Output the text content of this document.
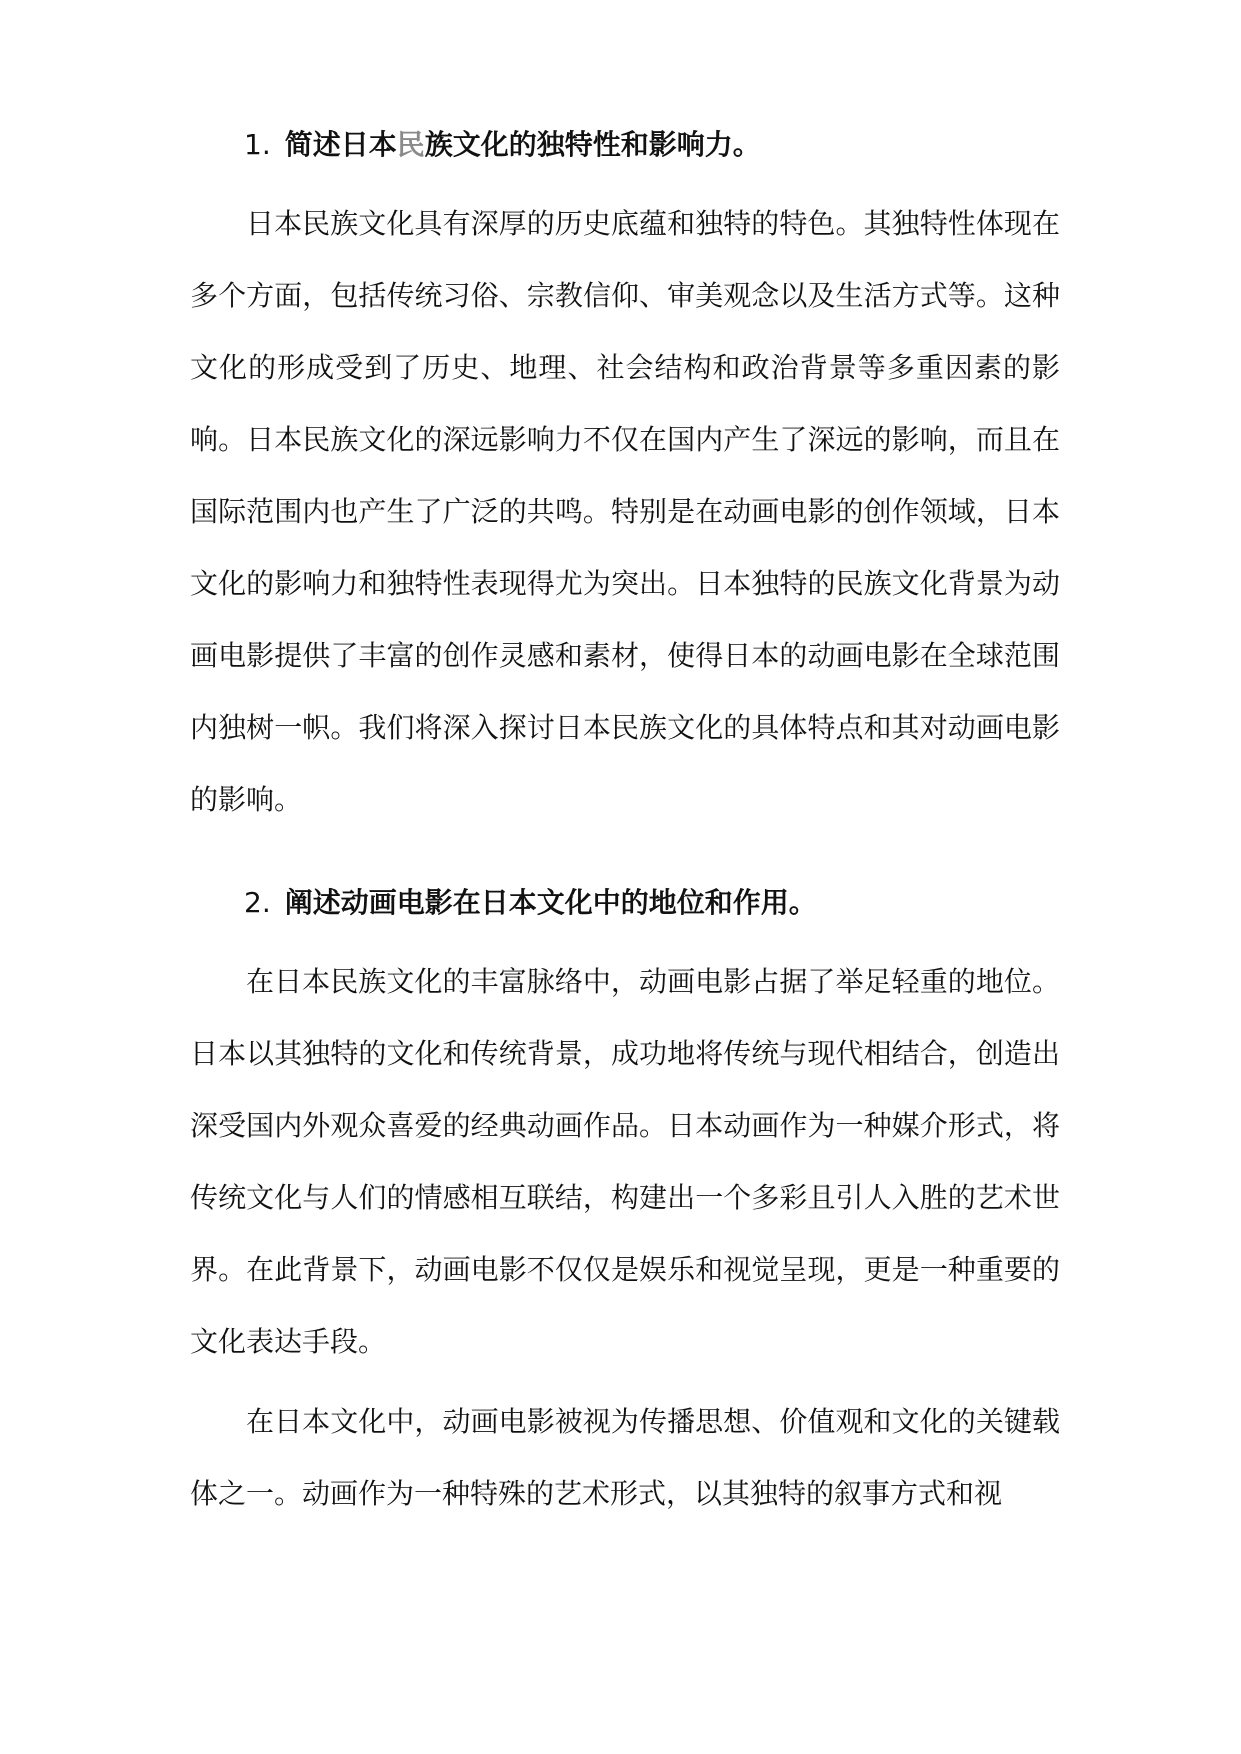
1. 简述日本民族文化的独特性和影响力。

日本民族文化具有深厚的历史底蕴和独特的特色。其独特性体现在多个方面，包括传统习俗、宗教信仰、审美观念以及生活方式等。这种文化的形成受到了历史、地理、社会结构和政治背景等多重因素的影响。日本民族文化的深远影响力不仅在国内产生了深远的影响，而且在国际范围内也产生了广泛的共鸣。特别是在动画电影的创作领域，日本文化的影响力和独特性表现得尤为突出。日本独特的民族文化背景为动画电影提供了丰富的创作灵感和素材，使得日本的动画电影在全球范围内独树一帜。我们将深入探讨日本民族文化的具体特点和其对动画电影的影响。

2. 阐述动画电影在日本文化中的地位和作用。

在日本民族文化的丰富脉络中，动画电影占据了举足轻重的地位。日本以其独特的文化和传统背景，成功地将传统与现代相结合，创造出深受国内外观众喜爱的经典动画作品。日本动画作为一种媒介形式，将传统文化与人们的情感相互联结，构建出一个多彩且引人入胜的艺术世界。在此背景下，动画电影不仅仅是娱乐和视觉呈现，更是一种重要的文化表达手段。

在日本文化中，动画电影被视为传播思想、价值观和文化的关键载体之一。动画作为一种特殊的艺术形式，以其独特的叙事方式和视
